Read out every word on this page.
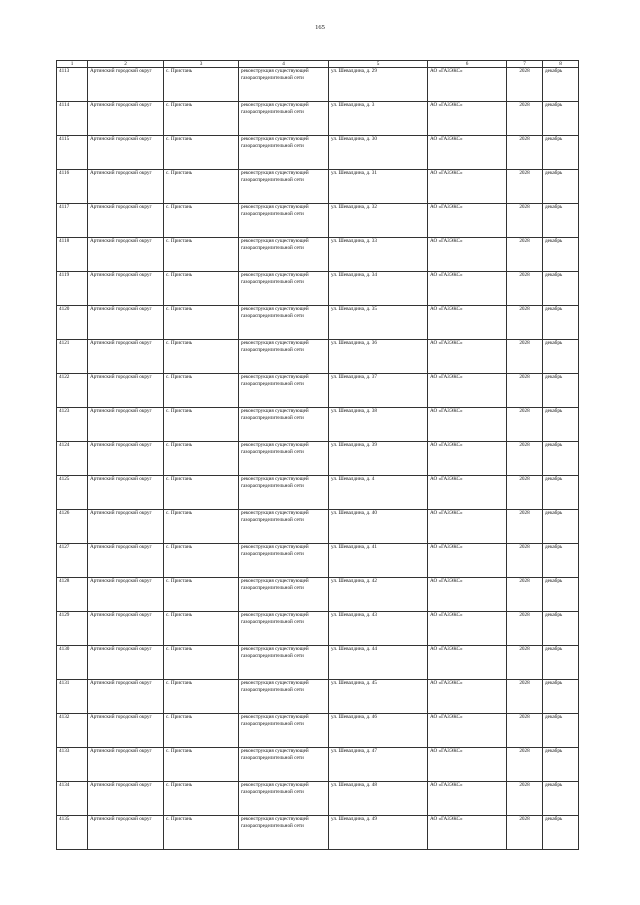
165
1	2	3	4	5	6	7	8
4113	Артинский городской округ	с. Пристань	реконструкция существующей газораспределительной сети	ул. Шевалдина, д. 29	АО «ГАЗЭКС»	2028	декабрь
4114	Артинский городской округ	с. Пристань	реконструкция существующей газораспределительной сети	ул. Шевалдина, д. 3	АО «ГАЗЭКС»	2028	декабрь
4115	Артинский городской округ	с. Пристань	реконструкция существующей газораспределительной сети	ул. Шевалдина, д. 30	АО «ГАЗЭКС»	2028	декабрь
4116	Артинский городской округ	с. Пристань	реконструкция существующей газораспределительной сети	ул. Шевалдина, д. 31	АО «ГАЗЭКС»	2028	декабрь
4117	Артинский городской округ	с. Пристань	реконструкция существующей газораспределительной сети	ул. Шевалдина, д. 32	АО «ГАЗЭКС»	2028	декабрь
4118	Артинский городской округ	с. Пристань	реконструкция существующей газораспределительной сети	ул. Шевалдина, д. 33	АО «ГАЗЭКС»	2028	декабрь
4119	Артинский городской округ	с. Пристань	реконструкция существующей газораспределительной сети	ул. Шевалдина, д. 34	АО «ГАЗЭКС»	2028	декабрь
4120	Артинский городской округ	с. Пристань	реконструкция существующей газораспределительной сети	ул. Шевалдина, д. 35	АО «ГАЗЭКС»	2028	декабрь
4121	Артинский городской округ	с. Пристань	реконструкция существующей газораспределительной сети	ул. Шевалдина, д. 36	АО «ГАЗЭКС»	2028	декабрь
4122	Артинский городской округ	с. Пристань	реконструкция существующей газораспределительной сети	ул. Шевалдина, д. 37	АО «ГАЗЭКС»	2028	декабрь
4123	Артинский городской округ	с. Пристань	реконструкция существующей газораспределительной сети	ул. Шевалдина, д. 38	АО «ГАЗЭКС»	2028	декабрь
4124	Артинский городской округ	с. Пристань	реконструкция существующей газораспределительной сети	ул. Шевалдина, д. 39	АО «ГАЗЭКС»	2028	декабрь
4125	Артинский городской округ	с. Пристань	реконструкция существующей газораспределительной сети	ул. Шевалдина, д. 4	АО «ГАЗЭКС»	2028	декабрь
4126	Артинский городской округ	с. Пристань	реконструкция существующей газораспределительной сети	ул. Шевалдина, д. 40	АО «ГАЗЭКС»	2028	декабрь
4127	Артинский городской округ	с. Пристань	реконструкция существующей газораспределительной сети	ул. Шевалдина, д. 41	АО «ГАЗЭКС»	2028	декабрь
4128	Артинский городской округ	с. Пристань	реконструкция существующей газораспределительной сети	ул. Шевалдина, д. 42	АО «ГАЗЭКС»	2028	декабрь
4129	Артинский городской округ	с. Пристань	реконструкция существующей газораспределительной сети	ул. Шевалдина, д. 43	АО «ГАЗЭКС»	2028	декабрь
4130	Артинский городской округ	с. Пристань	реконструкция существующей газораспределительной сети	ул. Шевалдина, д. 44	АО «ГАЗЭКС»	2028	декабрь
4131	Артинский городской округ	с. Пристань	реконструкция существующей газораспределительной сети	ул. Шевалдина, д. 45	АО «ГАЗЭКС»	2028	декабрь
4132	Артинский городской округ	с. Пристань	реконструкция существующей газораспределительной сети	ул. Шевалдина, д. 46	АО «ГАЗЭКС»	2028	декабрь
4133	Артинский городской округ	с. Пристань	реконструкция существующей газораспределительной сети	ул. Шевалдина, д. 47	АО «ГАЗЭКС»	2028	декабрь
4134	Артинский городской округ	с. Пристань	реконструкция существующей газораспределительной сети	ул. Шевалдина, д. 48	АО «ГАЗЭКС»	2028	декабрь
4135	Артинский городской округ	с. Пристань	реконструкция существующей газораспределительной сети	ул. Шевалдина, д. 49	АО «ГАЗЭКС»	2028	декабрь
